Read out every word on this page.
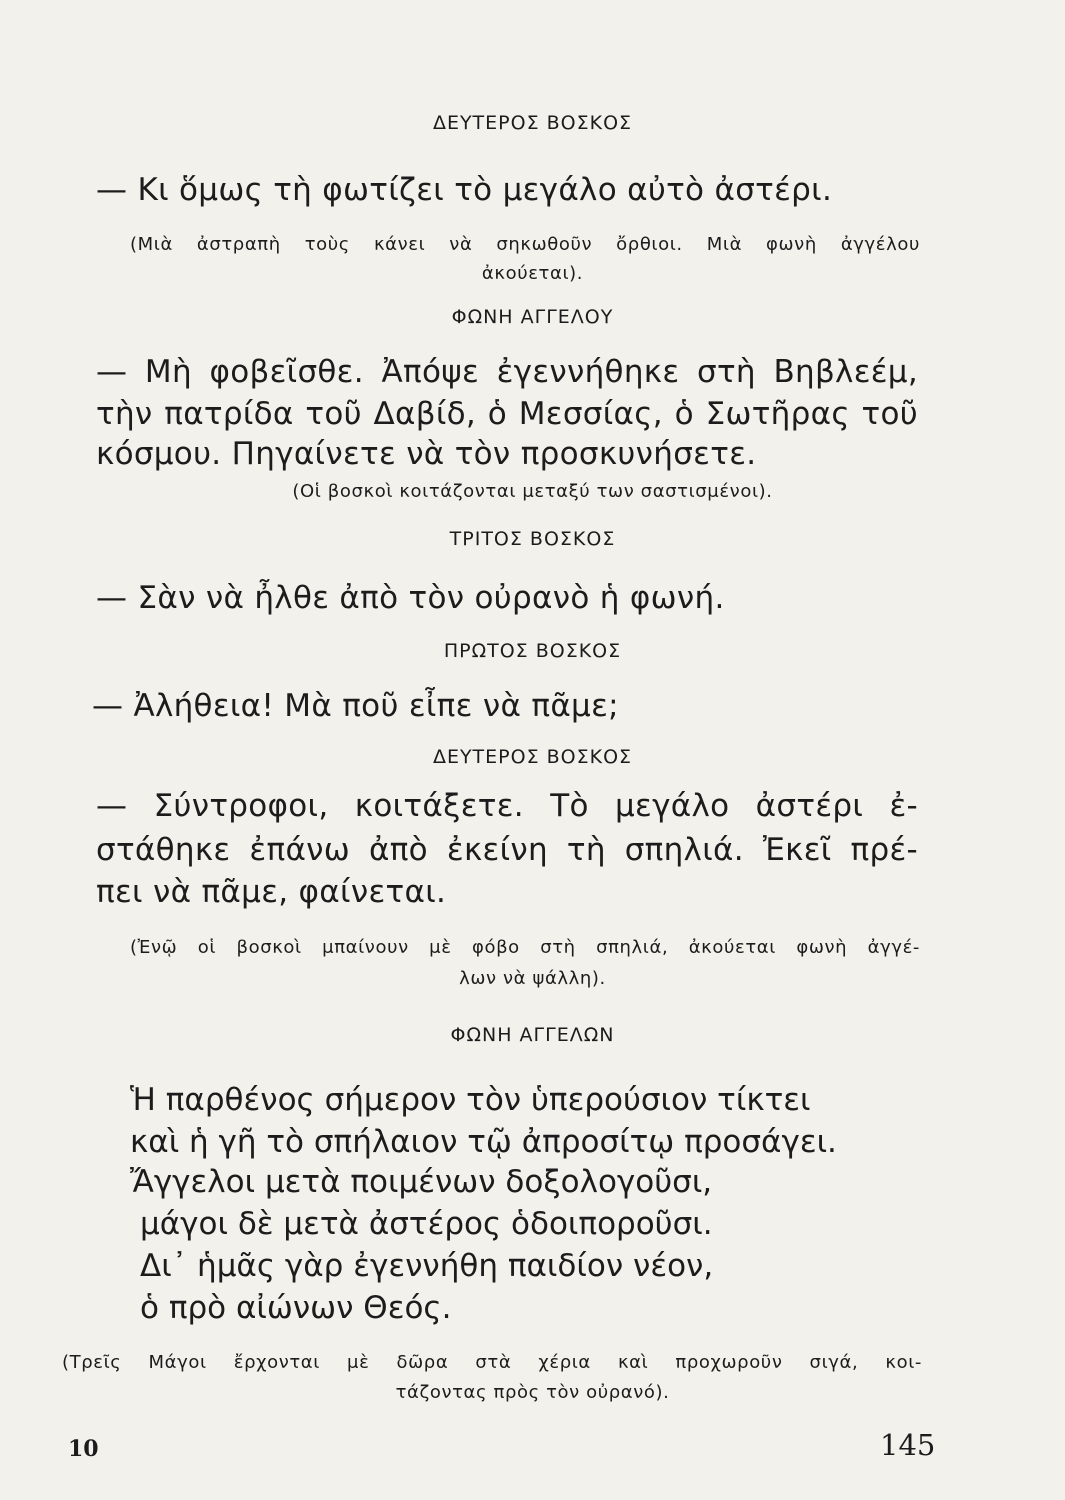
ΔΕΥΤΕΡΟΣ ΒΟΣΚΟΣ
— Κι ὅμως τὴ φωτίζει τὸ μεγάλο αὐτὸ ἀστέρι.
(Μιὰ ἀστραπὴ τοὺς κάνει νὰ σηκωθοῦν ὄρθιοι. Μιὰ φωνὴ ἀγγέλου
ἀκούεται).
ΦΩΝΗ ΑΓΓΕΛΟΥ
— Μὴ φοβεῖσθε. Ἀπόψε ἐγεννήθηκε στὴ Βηβλεέμ,
τὴν πατρίδα τοῦ Δαβίδ, ὁ Μεσσίας, ὁ Σωτῆρας τοῦ
κόσμου. Πηγαίνετε νὰ τὸν προσκυνήσετε.
(Οἱ βοσκοὶ κοιτάζονται μεταξύ των σαστισμένοι).
ΤΡΙΤΟΣ ΒΟΣΚΟΣ
— Σὰν νὰ ἦλθε ἀπὸ τὸν οὐρανὸ ἡ φωνή.
ΠΡΩΤΟΣ ΒΟΣΚΟΣ
— Ἀλήθεια! Μὰ ποῦ εἶπε νὰ πᾶμε;
ΔΕΥΤΕΡΟΣ ΒΟΣΚΟΣ
— Σύντροφοι, κοιτάξετε. Τὸ μεγάλο ἀστέρι ἐ-
στάθηκε ἐπάνω ἀπὸ ἐκείνη τὴ σπηλιά. Ἐκεῖ πρέ-
πει νὰ πᾶμε, φαίνεται.
(Ἐνῷ οἱ βοσκοὶ μπαίνουν μὲ φόβο στὴ σπηλιά, ἀκούεται φωνὴ ἀγγέ-
λων νὰ ψάλλη).
ΦΩΝΗ ΑΓΓΕΛΩΝ
Ἡ παρθένος σήμερον τὸν ὑπερούσιον τίκτει
καὶ ἡ γῆ τὸ σπήλαιον τῷ ἀπροσίτῳ προσάγει.
Ἄγγελοι μετὰ ποιμένων δοξολογοῦσι,
μάγοι δὲ μετὰ ἀστέρος ὁδοιποροῦσι.
Δι᾿ ἡμᾶς γὰρ ἐγεννήθη παιδίον νέον,
ὁ πρὸ αἰώνων Θεός.
(Τρεῖς Μάγοι ἔρχονται μὲ δῶρα στὰ χέρια καὶ προχωροῦν σιγά, κοι-
τάζοντας πρὸς τὸν οὐρανό).
10	145
